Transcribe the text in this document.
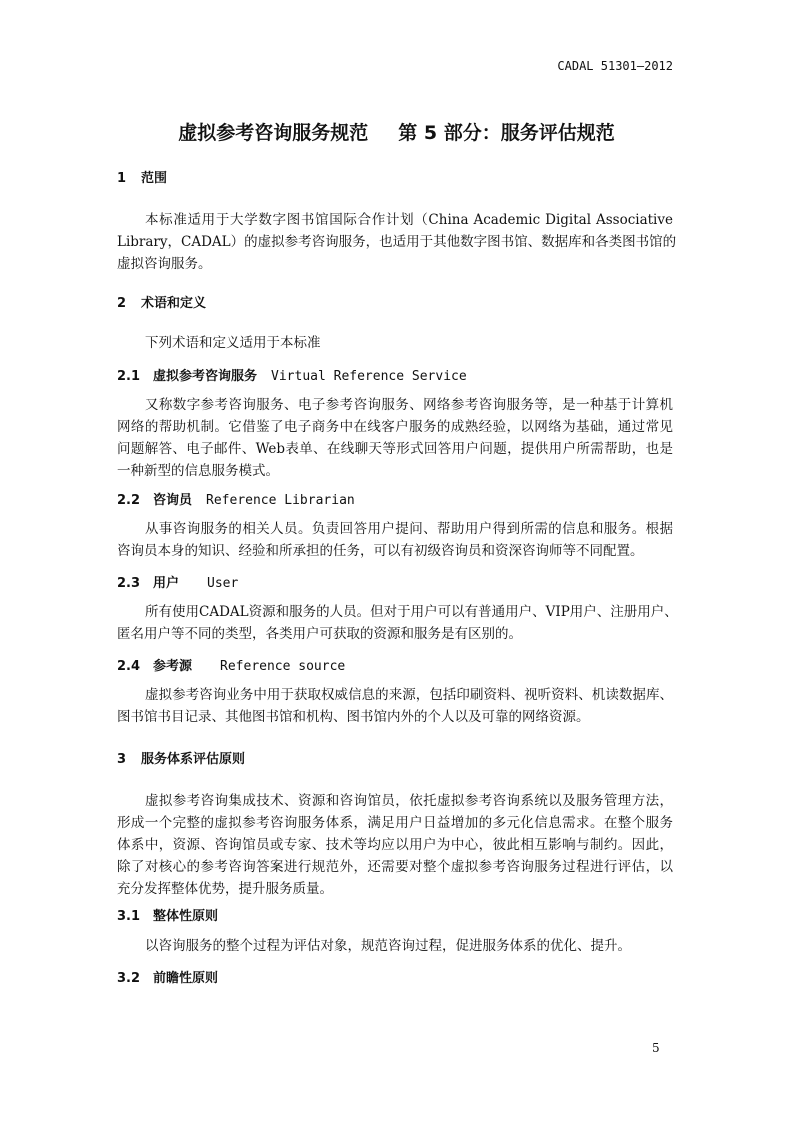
CADAL 51301—2012
虚拟参考咨询服务规范 第 5 部分：服务评估规范
1 范围
本标准适用于大学数字图书馆国际合作计划（China Academic Digital Associative
Library，CADAL）的虚拟参考咨询服务，也适用于其他数字图书馆、数据库和各类图书馆的
虚拟咨询服务。
2 术语和定义
下列术语和定义适用于本标准
2.1 虚拟参考咨询服务 Virtual Reference Service
又称数字参考咨询服务、电子参考咨询服务、网络参考咨询服务等，是一种基于计算机
网络的帮助机制。它借鉴了电子商务中在线客户服务的成熟经验，以网络为基础，通过常见
问题解答、电子邮件、Web表单、在线聊天等形式回答用户问题，提供用户所需帮助，也是
一种新型的信息服务模式。
2.2 咨询员 Reference Librarian
从事咨询服务的相关人员。负责回答用户提问、帮助用户得到所需的信息和服务。根据
咨询员本身的知识、经验和所承担的任务，可以有初级咨询员和资深咨询师等不同配置。
2.3 用户 User
所有使用CADAL资源和服务的人员。但对于用户可以有普通用户、VIP用户、注册用户、
匿名用户等不同的类型，各类用户可获取的资源和服务是有区别的。
2.4 参考源 Reference source
虚拟参考咨询业务中用于获取权威信息的来源，包括印刷资料、视听资料、机读数据库、
图书馆书目记录、其他图书馆和机构、图书馆内外的个人以及可靠的网络资源。
3 服务体系评估原则
虚拟参考咨询集成技术、资源和咨询馆员，依托虚拟参考咨询系统以及服务管理方法，
形成一个完整的虚拟参考咨询服务体系，满足用户日益增加的多元化信息需求。在整个服务
体系中，资源、咨询馆员或专家、技术等均应以用户为中心，彼此相互影响与制约。因此，
除了对核心的参考咨询答案进行规范外，还需要对整个虚拟参考咨询服务过程进行评估，以
充分发挥整体优势，提升服务质量。
3.1 整体性原则
以咨询服务的整个过程为评估对象，规范咨询过程，促进服务体系的优化、提升。
3.2 前瞻性原则
5
